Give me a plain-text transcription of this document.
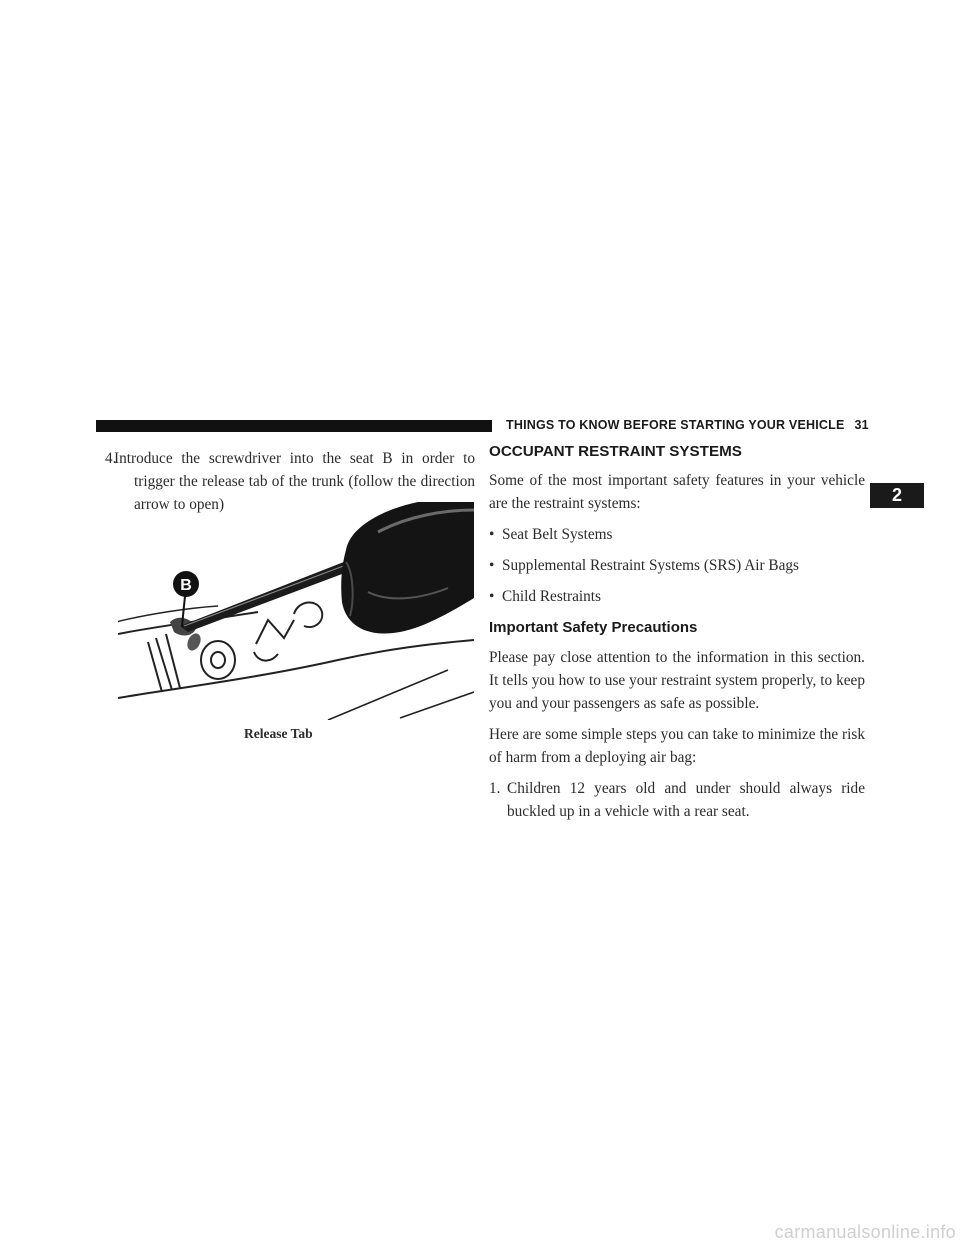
THINGS TO KNOW BEFORE STARTING YOUR VEHICLE 31
2
4.
Introduce the screwdriver into the seat B in order to
trigger the release tab of the trunk (follow the direction arrow to open)
B
Release Tab
OCCUPANT RESTRAINT SYSTEMS
Some of the most important safety features in your vehicle are the restraint systems:
• Seat Belt Systems
• Supplemental Restraint Systems (SRS) Air Bags
• Child Restraints
Important Safety Precautions
Please pay close attention to the information in this section. It tells you how to use your restraint system properly, to keep you and your passengers as safe as possible.
Here are some simple steps you can take to minimize the risk of harm from a deploying air bag:
1. Children 12 years old and under should always ride buckled up in a vehicle with a rear seat.
carmanualsonline.info
